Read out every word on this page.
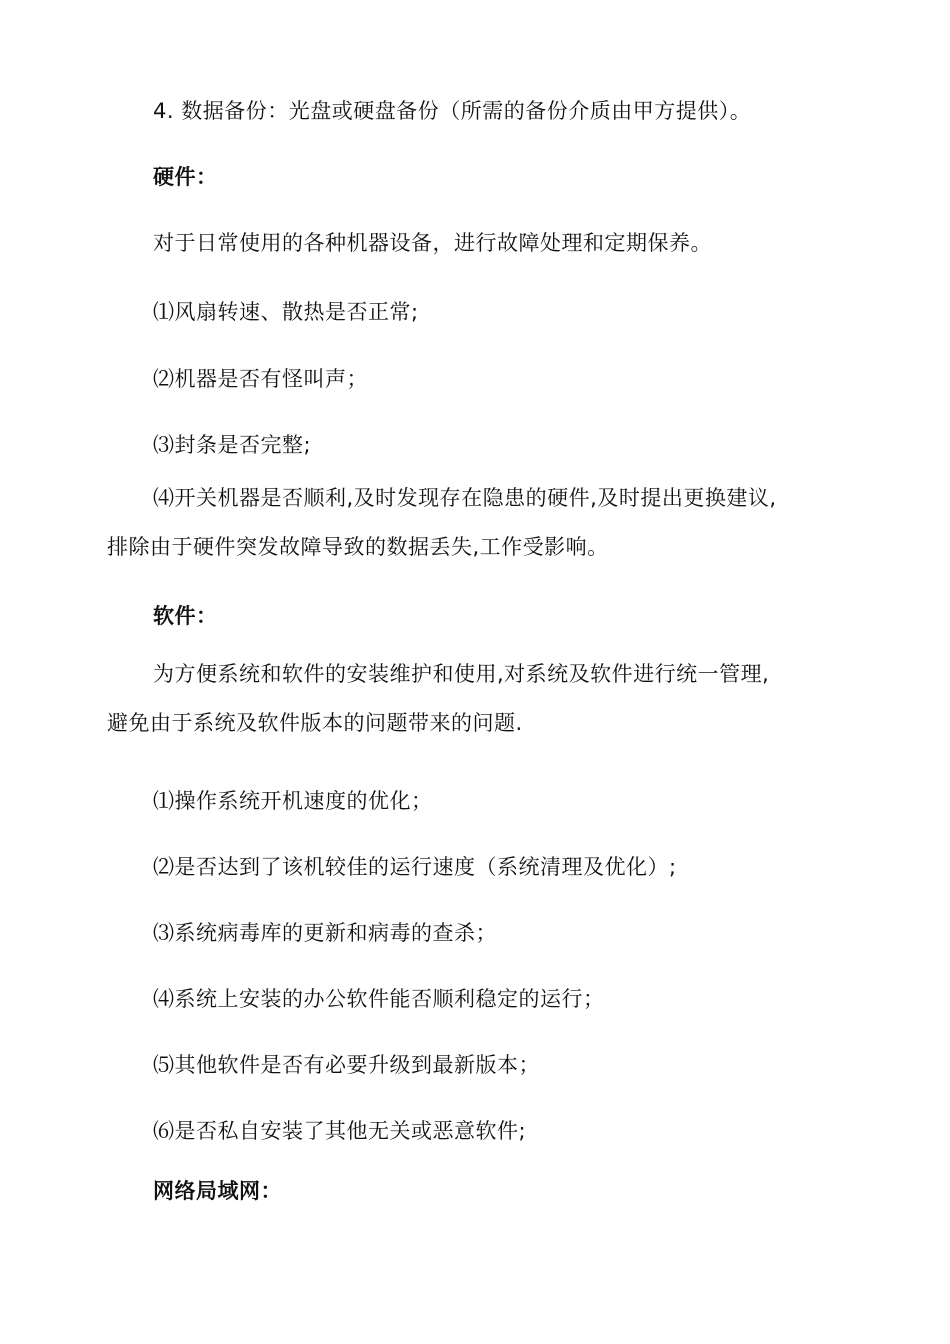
4. 数据备份：光盘或硬盘备份（所需的备份介质由甲方提供）。
硬件：
对于日常使用的各种机器设备，进行故障处理和定期保养。
⑴风扇转速、散热是否正常;
⑵机器是否有怪叫声；
⑶封条是否完整;
⑷开关机器是否顺利,及时发现存在隐患的硬件,及时提出更换建议,
排除由于硬件突发故障导致的数据丢失,工作受影响。
软件：
为方便系统和软件的安装维护和使用,对系统及软件进行统一管理,
避免由于系统及软件版本的问题带来的问题.
⑴操作系统开机速度的优化；
⑵是否达到了该机较佳的运行速度（系统清理及优化）;
⑶系统病毒库的更新和病毒的查杀；
⑷系统上安装的办公软件能否顺利稳定的运行；
⑸其他软件是否有必要升级到最新版本；
⑹是否私自安装了其他无关或恶意软件;
网络局域网：
